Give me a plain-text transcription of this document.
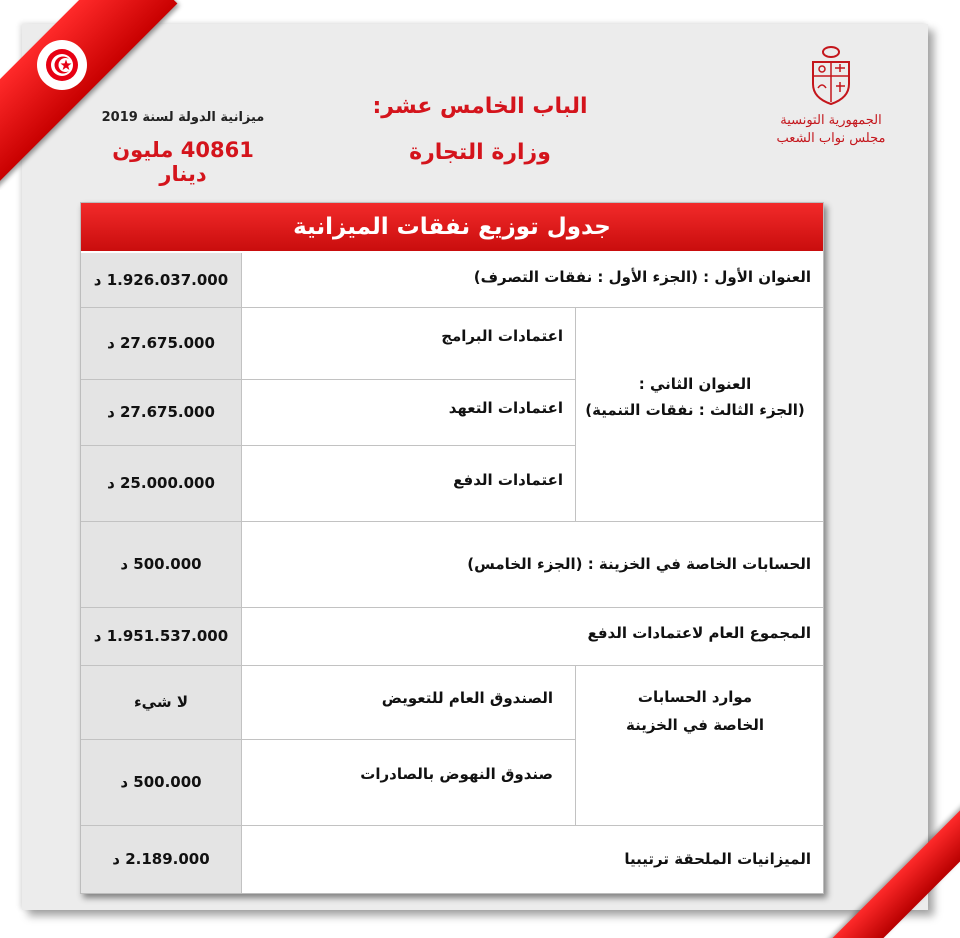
الجمهورية التونسية
مجلس نواب الشعب
ميزانية الدولة لسنة 2019
40861 مليون دينار
الباب الخامس عشر:
وزارة التجارة
جدول توزيع نفقات الميزانية
1.926.037.000 د
27.675.000 د
27.675.000 د
25.000.000 د
500.000 د
1.951.537.000 د
لا شيء
500.000 د
2.189.000 د
العنوان الأول : (الجزء الأول : نفقات التصرف)
العنوان الثاني :
(الجزء الثالث : نفقات التنمية)
اعتمادات البرامج
اعتمادات التعهد
اعتمادات الدفع
الحسابات الخاصة في الخزينة : (الجزء الخامس)
المجموع العام لاعتمادات الدفع
موارد الحسابات
الخاصة في الخزينة
الصندوق العام للتعويض
صندوق النهوض بالصادرات
الميزانيات الملحقة ترتيبيا
